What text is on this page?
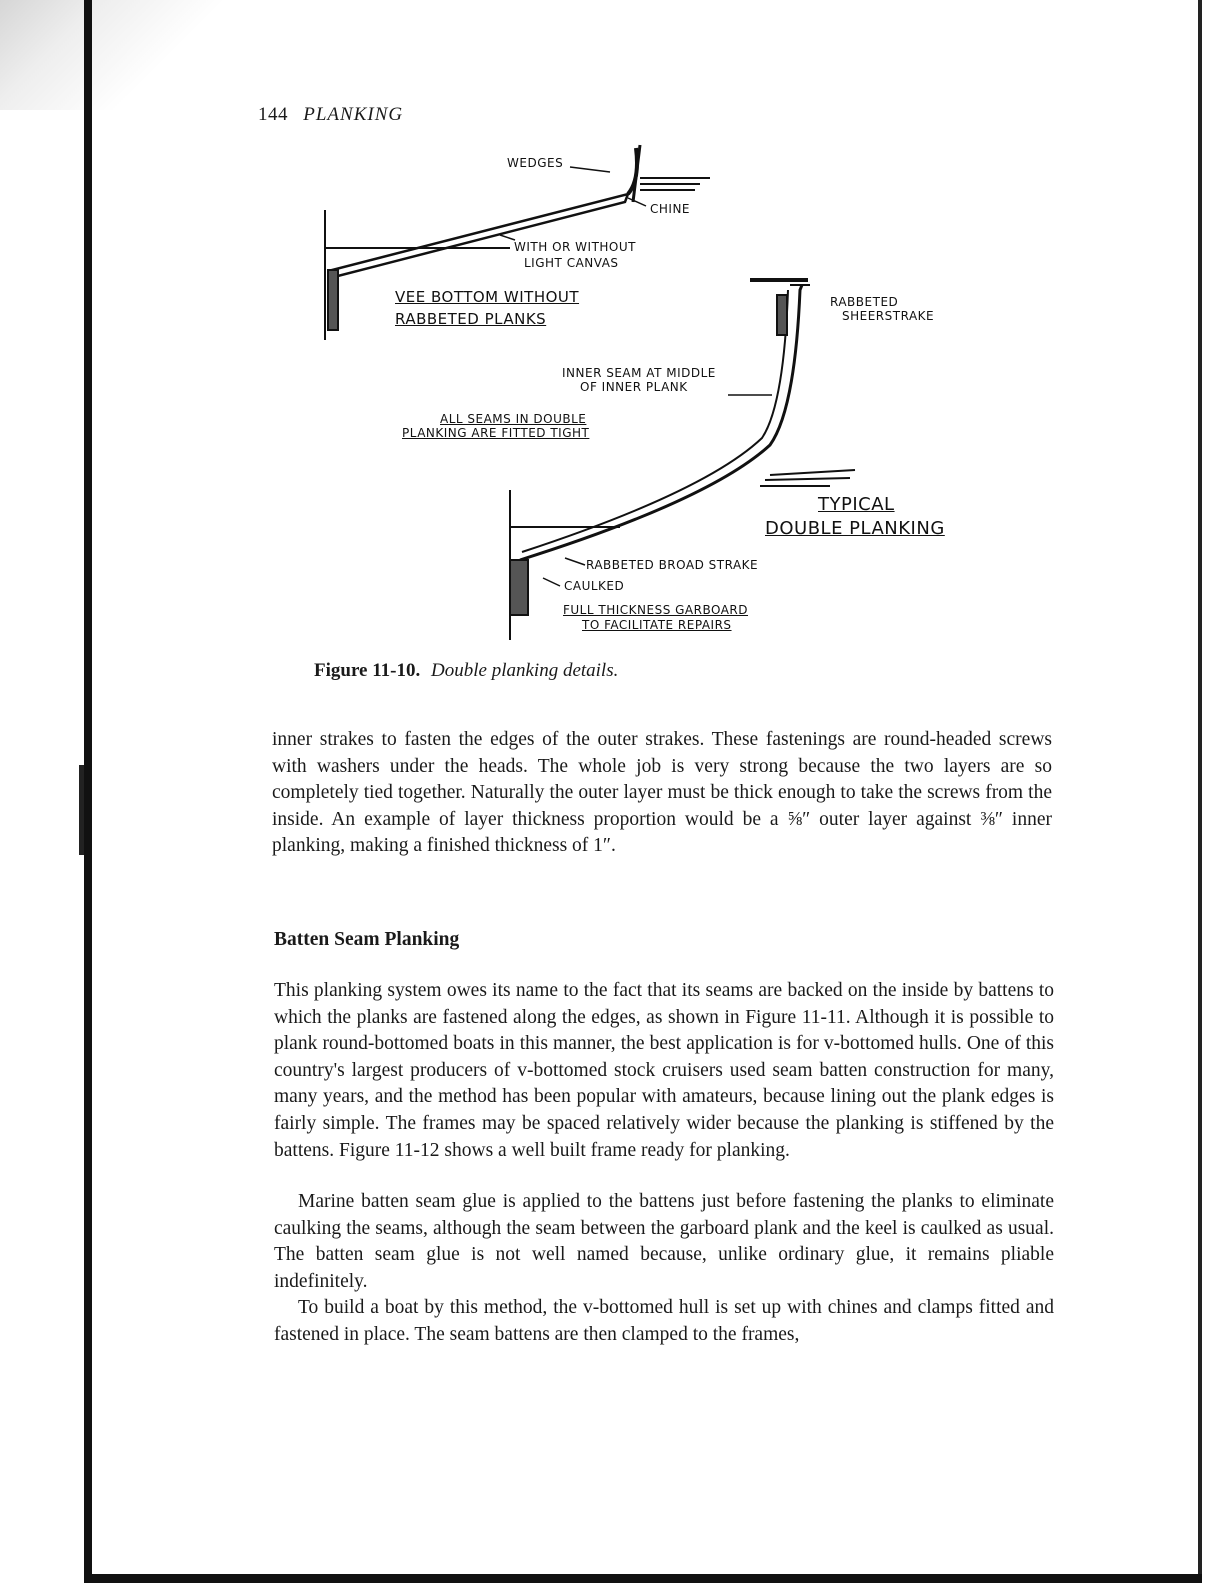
144 PLANKING
WEDGES
CHINE
WITH OR WITHOUT
LIGHT CANVAS
VEE BOTTOM WITHOUT
RABBETED PLANKS
RABBETED
SHEERSTRAKE
INNER SEAM AT MIDDLE
OF INNER PLANK
ALL SEAMS IN DOUBLE
PLANKING ARE FITTED TIGHT
TYPICAL
DOUBLE PLANKING
RABBETED BROAD STRAKE
CAULKED
FULL THICKNESS GARBOARD
TO FACILITATE REPAIRS
Figure 11-10. Double planking details.

inner strakes to fasten the edges of the outer strakes. These fastenings are round-headed screws with washers under the heads. The whole job is very strong because the two layers are so completely tied together. Naturally the outer layer must be thick enough to take the screws from the inside. An example of layer thickness proportion would be a ⅝″ outer layer against ⅜″ inner planking, making a finished thickness of 1″.

Batten Seam Planking

This planking system owes its name to the fact that its seams are backed on the inside by battens to which the planks are fastened along the edges, as shown in Figure 11-11. Although it is possible to plank round-bottomed boats in this manner, the best application is for v-bottomed hulls. One of this country's largest producers of v-bottomed stock cruisers used seam batten construction for many, many years, and the method has been popular with amateurs, because lining out the plank edges is fairly simple. The frames may be spaced relatively wider because the planking is stiffened by the battens. Figure 11-12 shows a well built frame ready for planking.

Marine batten seam glue is applied to the battens just before fastening the planks to eliminate caulking the seams, although the seam between the garboard plank and the keel is caulked as usual. The batten seam glue is not well named because, unlike ordinary glue, it remains pliable indefinitely.

To build a boat by this method, the v-bottomed hull is set up with chines and clamps fitted and fastened in place. The seam battens are then clamped to the frames,
